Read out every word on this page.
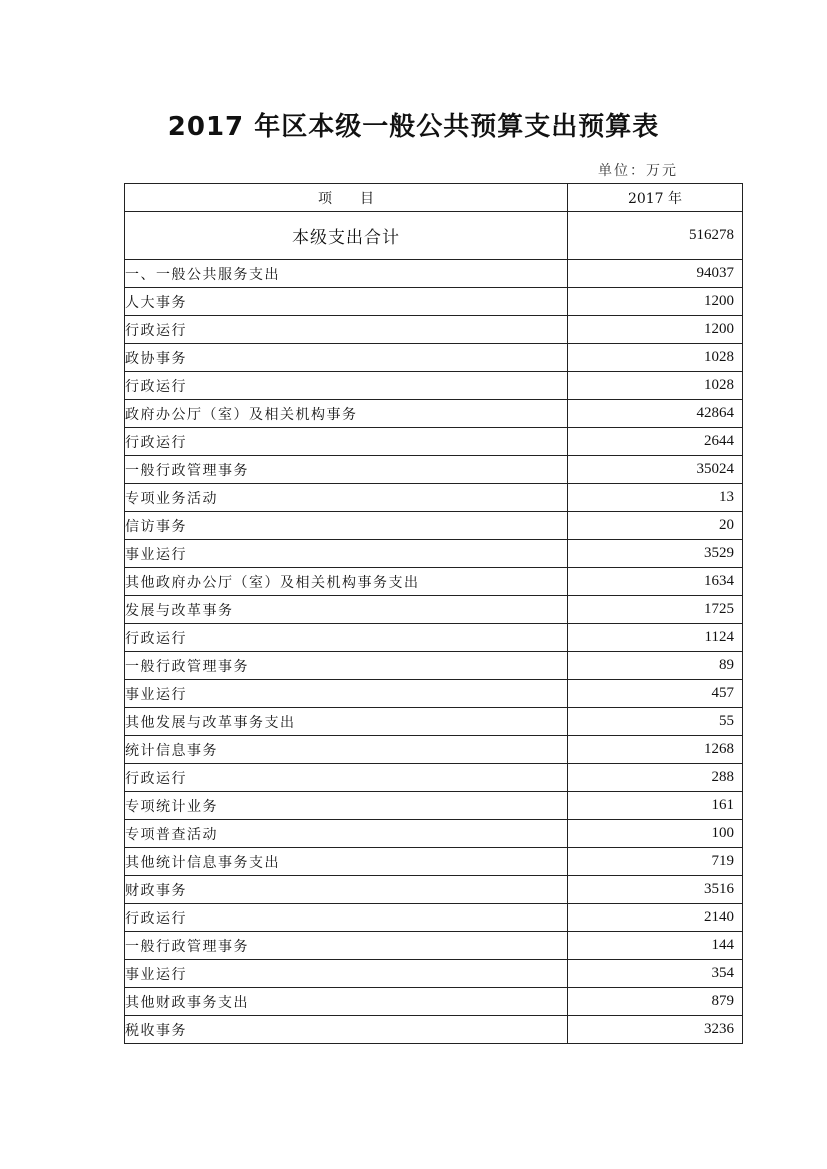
2017 年区本级一般公共预算支出预算表
单位：万元
项　　目	2017 年
本级支出合计	516278
一、一般公共服务支出	94037
人大事务	1200
行政运行	1200
政协事务	1028
行政运行	1028
政府办公厅（室）及相关机构事务	42864
行政运行	2644
一般行政管理事务	35024
专项业务活动	13
信访事务	20
事业运行	3529
其他政府办公厅（室）及相关机构事务支出	1634
发展与改革事务	1725
行政运行	1124
一般行政管理事务	89
事业运行	457
其他发展与改革事务支出	55
统计信息事务	1268
行政运行	288
专项统计业务	161
专项普查活动	100
其他统计信息事务支出	719
财政事务	3516
行政运行	2140
一般行政管理事务	144
事业运行	354
其他财政事务支出	879
税收事务	3236
